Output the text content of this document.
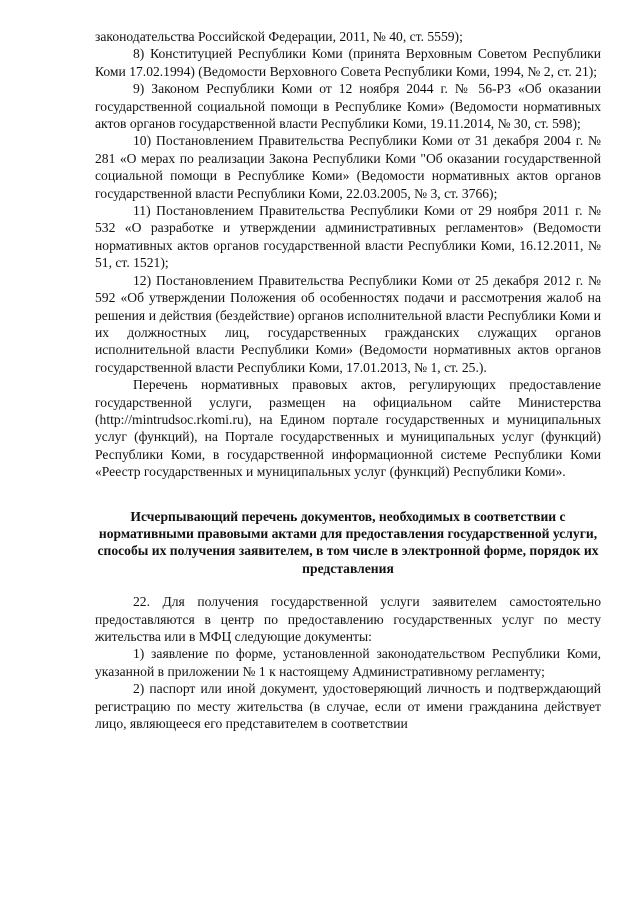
законодательства Российской Федерации, 2011, № 40, ст. 5559);

8) Конституцией Республики Коми (принята Верховным Советом Республики Коми 17.02.1994) (Ведомости Верховного Совета Республики Коми, 1994, № 2, ст. 21);

9) Законом Республики Коми от 12 ноября 2044 г. № 56-РЗ «Об оказании государственной социальной помощи в Республике Коми» (Ведомости нормативных актов органов государственной власти Республики Коми, 19.11.2014, № 30, ст. 598);

10) Постановлением Правительства Республики Коми от 31 декабря 2004 г. № 281 «О мерах по реализации Закона Республики Коми "Об оказании государственной социальной помощи в Республике Коми» (Ведомости нормативных актов органов государственной власти Республики Коми, 22.03.2005, № 3, ст. 3766);

11) Постановлением Правительства Республики Коми от 29 ноября 2011 г. № 532 «О разработке и утверждении административных регламентов» (Ведомости нормативных актов органов государственной власти Республики Коми, 16.12.2011, № 51, ст. 1521);

12) Постановлением Правительства Республики Коми от 25 декабря 2012 г. № 592 «Об утверждении Положения об особенностях подачи и рассмотрения жалоб на решения и действия (бездействие) органов исполнительной власти Республики Коми и их должностных лиц, государственных гражданских служащих органов исполнительной власти Республики Коми» (Ведомости нормативных актов органов государственной власти Республики Коми, 17.01.2013, № 1, ст. 25.).

Перечень нормативных правовых актов, регулирующих предоставление государственной услуги, размещен на официальном сайте Министерства (http://mintrudsoc.rkomi.ru), на Едином портале государственных и муниципальных услуг (функций), на Портале государственных и муниципальных услуг (функций) Республики Коми, в государственной информационной системе Республики Коми «Реестр государственных и муниципальных услуг (функций) Республики Коми».

Исчерпывающий перечень документов, необходимых в соответствии с нормативными правовыми актами для предоставления государственной услуги, способы их получения заявителем, в том числе в электронной форме, порядок их представления

22. Для получения государственной услуги заявителем самостоятельно предоставляются в центр по предоставлению государственных услуг по месту жительства или в МФЦ следующие документы:

1) заявление по форме, установленной законодательством Республики Коми, указанной в приложении № 1 к настоящему Административному регламенту;

2) паспорт или иной документ, удостоверяющий личность и подтверждающий регистрацию по месту жительства (в случае, если от имени гражданина действует лицо, являющееся его представителем в соответствии
